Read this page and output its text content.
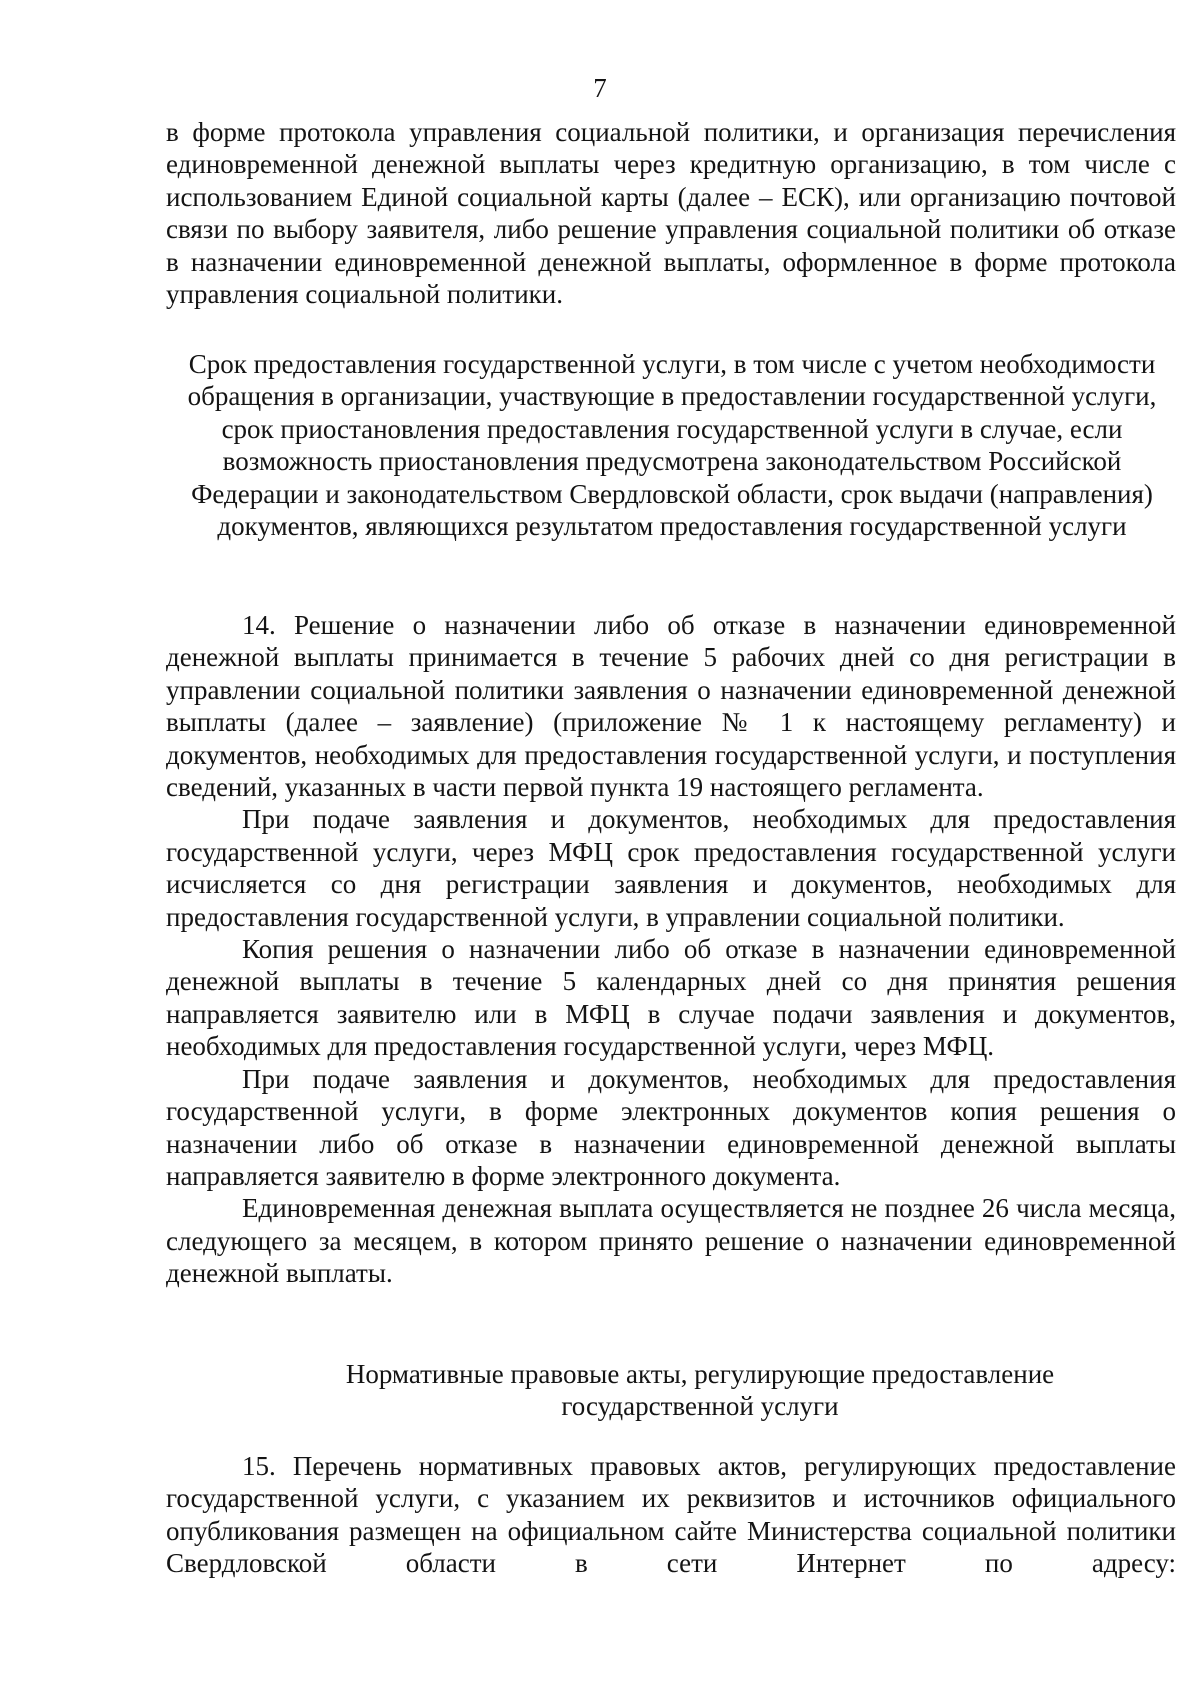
7

в форме протокола управления социальной политики, и организация перечисления единовременной денежной выплаты через кредитную организацию, в том числе с использованием Единой социальной карты (далее – ЕСК), или организацию почтовой связи по выбору заявителя, либо решение управления социальной политики об отказе в назначении единовременной денежной выплаты, оформленное в форме протокола управления социальной политики.

Срок предоставления государственной услуги, в том числе с учетом необходимости обращения в организации, участвующие в предоставлении государственной услуги, срок приостановления предоставления государственной услуги в случае, если возможность приостановления предусмотрена законодательством Российской Федерации и законодательством Свердловской области, срок выдачи (направления) документов, являющихся результатом предоставления государственной услуги

14. Решение о назначении либо об отказе в назначении единовременной денежной выплаты принимается в течение 5 рабочих дней со дня регистрации в управлении социальной политики заявления о назначении единовременной денежной выплаты (далее – заявление) (приложение № 1 к настоящему регламенту) и документов, необходимых для предоставления государственной услуги, и поступления сведений, указанных в части первой пункта 19 настоящего регламента.

При подаче заявления и документов, необходимых для предоставления государственной услуги, через МФЦ срок предоставления государственной услуги исчисляется со дня регистрации заявления и документов, необходимых для предоставления государственной услуги, в управлении социальной политики.

Копия решения о назначении либо об отказе в назначении единовременной денежной выплаты в течение 5 календарных дней со дня принятия решения направляется заявителю или в МФЦ в случае подачи заявления и документов, необходимых для предоставления государственной услуги, через МФЦ.

При подаче заявления и документов, необходимых для предоставления государственной услуги, в форме электронных документов копия решения о назначении либо об отказе в назначении единовременной денежной выплаты направляется заявителю в форме электронного документа.

Единовременная денежная выплата осуществляется не позднее 26 числа месяца, следующего за месяцем, в котором принято решение о назначении единовременной денежной выплаты.

Нормативные правовые акты, регулирующие предоставление государственной услуги

15. Перечень нормативных правовых актов, регулирующих предоставление государственной услуги, с указанием их реквизитов и источников официального опубликования размещен на официальном сайте Министерства социальной политики Свердловской области в сети Интернет по адресу:
